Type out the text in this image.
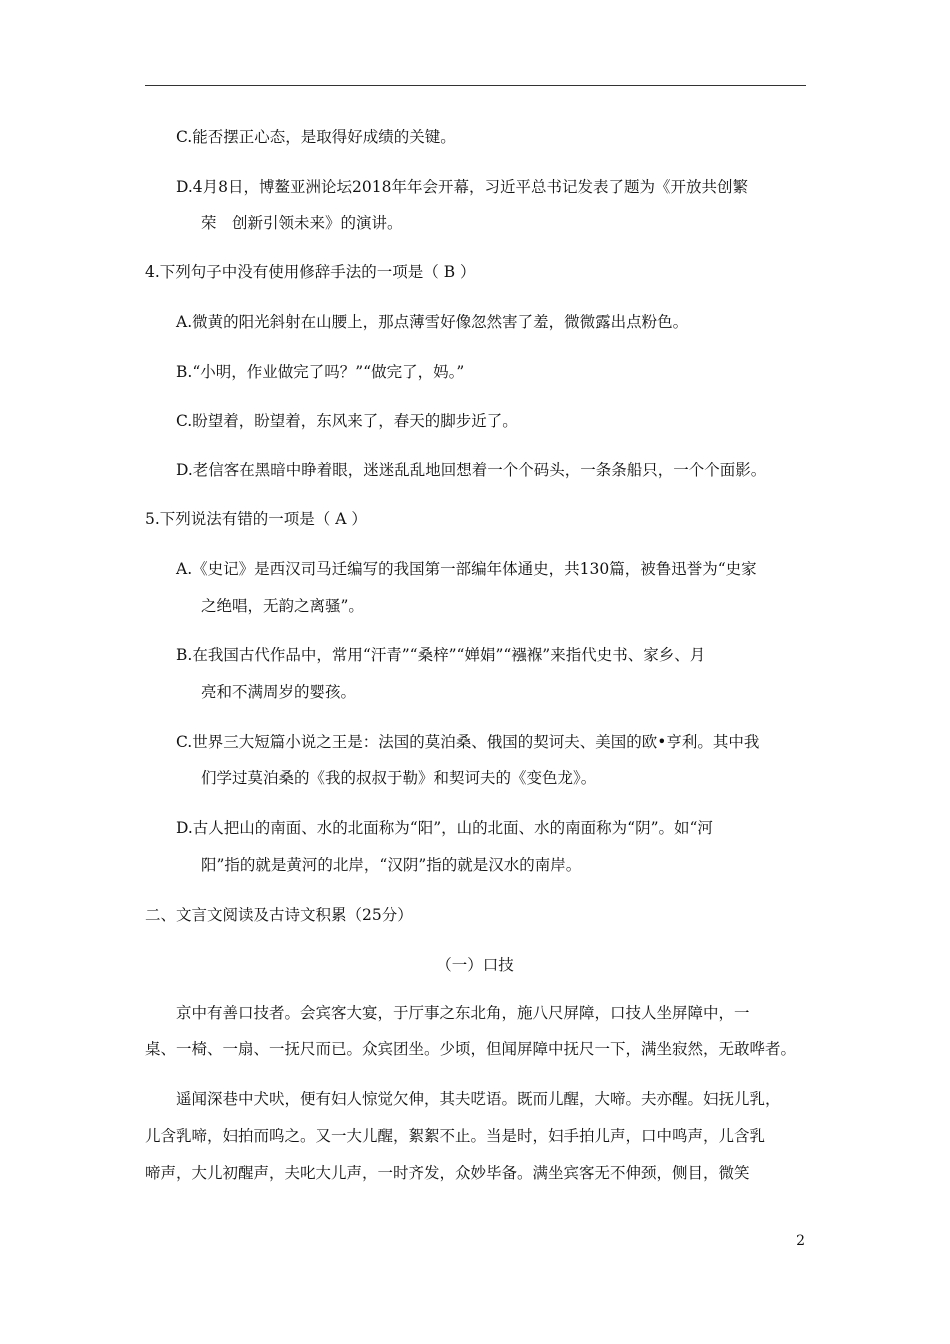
C.能否摆正心态，是取得好成绩的关键。
D.4月8日，博鳌亚洲论坛2018年年会开幕，习近平总书记发表了题为《开放共创繁
荣　创新引领未来》的演讲。
4.下列句子中没有使用修辞手法的一项是（ B ）
A.微黄的阳光斜射在山腰上，那点薄雪好像忽然害了羞，微微露出点粉色。
B.“小明，作业做完了吗？”“做完了，妈。”
C.盼望着，盼望着，东风来了，春天的脚步近了。
D.老信客在黑暗中睁着眼，迷迷乱乱地回想着一个个码头，一条条船只，一个个面影。
5.下列说法有错的一项是（ A ）
A.《史记》是西汉司马迁编写的我国第一部编年体通史，共130篇，被鲁迅誉为“史家
之绝唱，无韵之离骚”。
B.在我国古代作品中，常用“汗青”“桑梓”“婵娟”“襁褓”来指代史书、家乡、月
亮和不满周岁的婴孩。
C.世界三大短篇小说之王是：法国的莫泊桑、俄国的契诃夫、美国的欧•亨利。其中我
们学过莫泊桑的《我的叔叔于勒》和契诃夫的《变色龙》。
D.古人把山的南面、水的北面称为“阳”，山的北面、水的南面称为“阴”。如“河
阳”指的就是黄河的北岸，“汉阴”指的就是汉水的南岸。
二、文言文阅读及古诗文积累（25分）
（一）口技
京中有善口技者。会宾客大宴，于厅事之东北角，施八尺屏障，口技人坐屏障中，一
桌、一椅、一扇、一抚尺而已。众宾团坐。少顷，但闻屏障中抚尺一下，满坐寂然，无敢哗者。
遥闻深巷中犬吠，便有妇人惊觉欠伸，其夫呓语。既而儿醒，大啼。夫亦醒。妇抚儿乳，
儿含乳啼，妇拍而呜之。又一大儿醒，絮絮不止。当是时，妇手拍儿声，口中鸣声，儿含乳
啼声，大儿初醒声，夫叱大儿声，一时齐发，众妙毕备。满坐宾客无不伸颈，侧目，微笑
2
